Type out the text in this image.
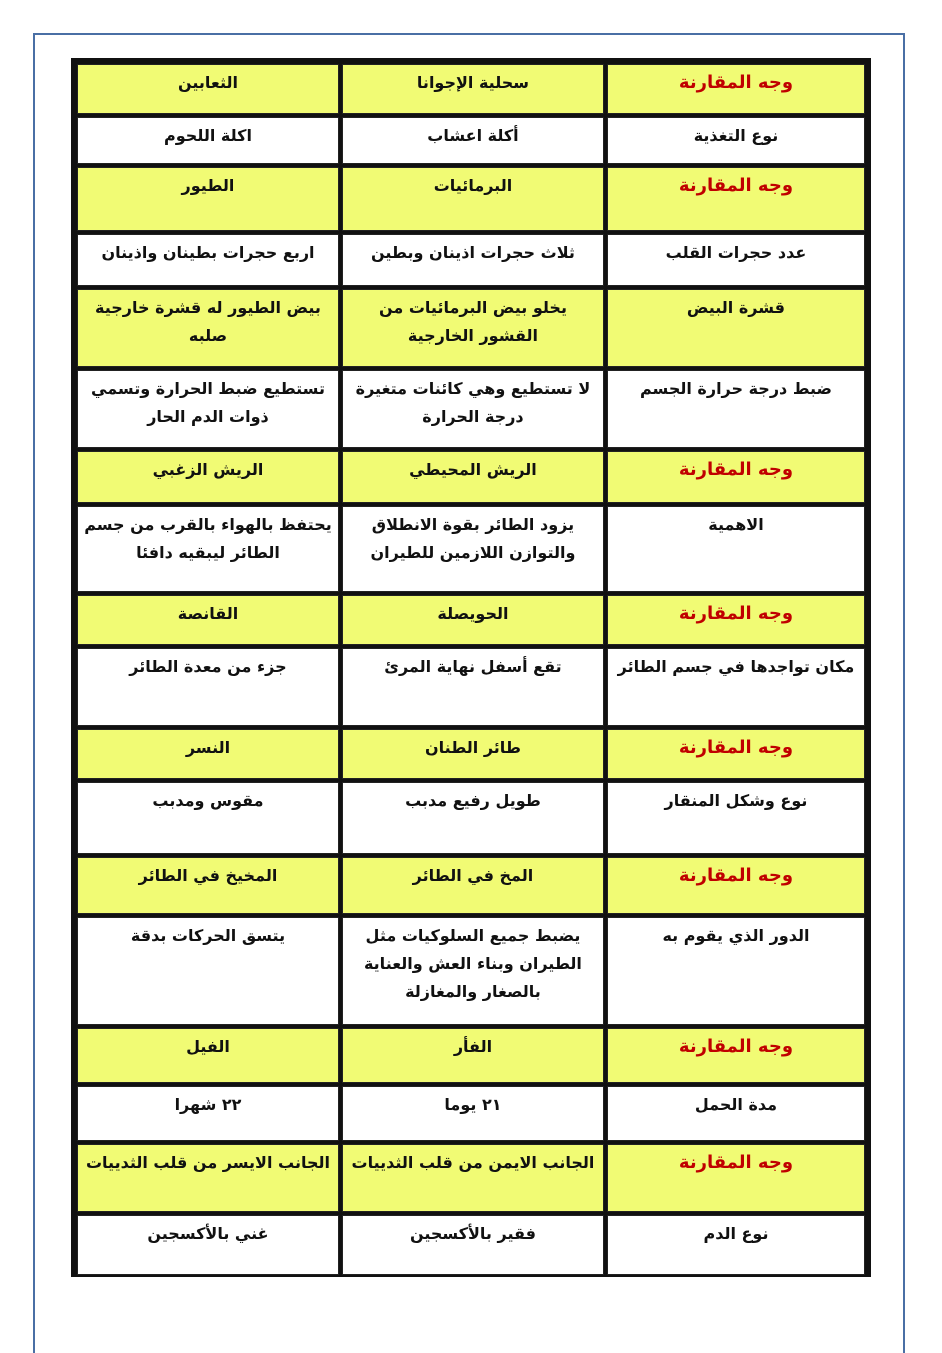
الثعابين	سحلية الإجوانا	وجه المقارنة
اكلة اللحوم	أكلة اعشاب	نوع التغذية
الطيور	البرمائيات	وجه المقارنة
اربع حجرات بطينان واذينان	ثلاث حجرات اذينان وبطين	عدد حجرات القلب
بيض الطيور له قشرة خارجية صلبه	يخلو بيض البرمائيات من القشور الخارجية	قشرة البيض
تستطيع ضبط الحرارة وتسمي ذوات الدم الحار	لا تستطيع وهي كائنات متغيرة درجة الحرارة	ضبط درجة حرارة الجسم
الريش الزغبي	الريش المحيطي	وجه المقارنة
يحتفظ بالهواء بالقرب من جسم الطائر ليبقيه دافئا	يزود الطائر بقوة الانطلاق والتوازن اللازمين للطيران	الاهمية
القانصة	الحويصلة	وجه المقارنة
جزء من معدة الطائر	تقع أسفل نهاية المرئ	مكان تواجدها في جسم الطائر
النسر	طائر الطنان	وجه المقارنة
مقوس ومدبب	طويل رفيع مدبب	نوع وشكل المنقار
المخيخ في الطائر	المخ في الطائر	وجه المقارنة
يتسق الحركات بدقة	يضبط جميع السلوكيات مثل الطيران وبناء العش والعناية بالصغار والمغازلة	الدور الذي يقوم به
الفيل	الفأر	وجه المقارنة
٢٢ شهرا	٢١ يوما	مدة الحمل
الجانب الايسر من قلب الثدييات	الجانب الايمن من قلب الثدييات	وجه المقارنة
غني بالأكسجين	فقير بالأكسجين	نوع الدم
